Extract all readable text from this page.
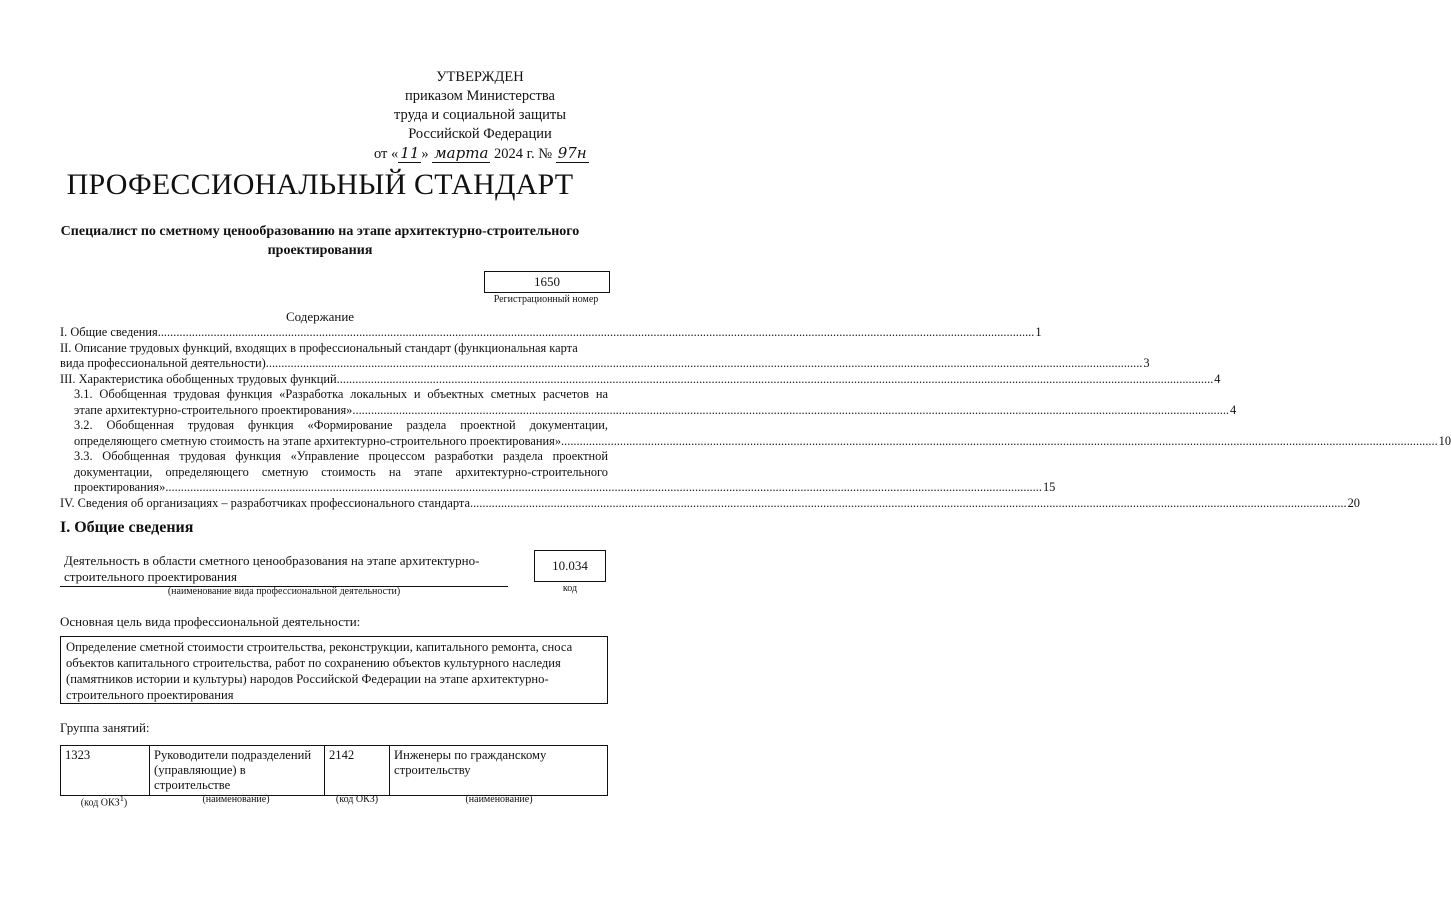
УТВЕРЖДЕН
приказом Министерства
труда и социальной защиты
Российской Федерации
от « 11 » марта 2024 г. № 97н
ПРОФЕССИОНАЛЬНЫЙ СТАНДАРТ
Специалист по сметному ценообразованию на этапе архитектурно-строительного проектирования
1650
Регистрационный номер
Содержание
I. Общие сведения .....	1
II. Описание трудовых функций, входящих в профессиональный стандарт (функциональная карта
вида профессиональной деятельности) .....	3
III. Характеристика обобщенных трудовых функций .....	4
3.1. Обобщенная трудовая функция «Разработка локальных и объектных сметных расчетов на
этапе архитектурно-строительного проектирования» .....	4
3.2. Обобщенная трудовая функция «Формирование раздела проектной документации,
определяющего сметную стоимость на этапе архитектурно-строительного проектирования» .....	10
3.3. Обобщенная трудовая функция «Управление процессом разработки раздела проектной
документации, определяющего сметную стоимость на этапе архитектурно-строительного
проектирования» .....	15
IV. Сведения об организациях – разработчиках профессионального стандарта .....	20
I. Общие сведения
Деятельность в области сметного ценообразования на этапе архитектурно-
строительного проектирования
(наименование вида профессиональной деятельности)
10.034
код
Основная цель вида профессиональной деятельности:
Определение сметной стоимости строительства, реконструкции, капитального ремонта, сноса
объектов капитального строительства, работ по сохранению объектов культурного наследия
(памятников истории и культуры) народов Российской Федерации на этапе архитектурно-
строительного проектирования
Группа занятий:
1323	Руководители подразделений (управляющие) в строительстве	2142	Инженеры по гражданскому строительству
(код ОКЗ$^1$)	(наименование)	(код ОКЗ)	(наименование)
